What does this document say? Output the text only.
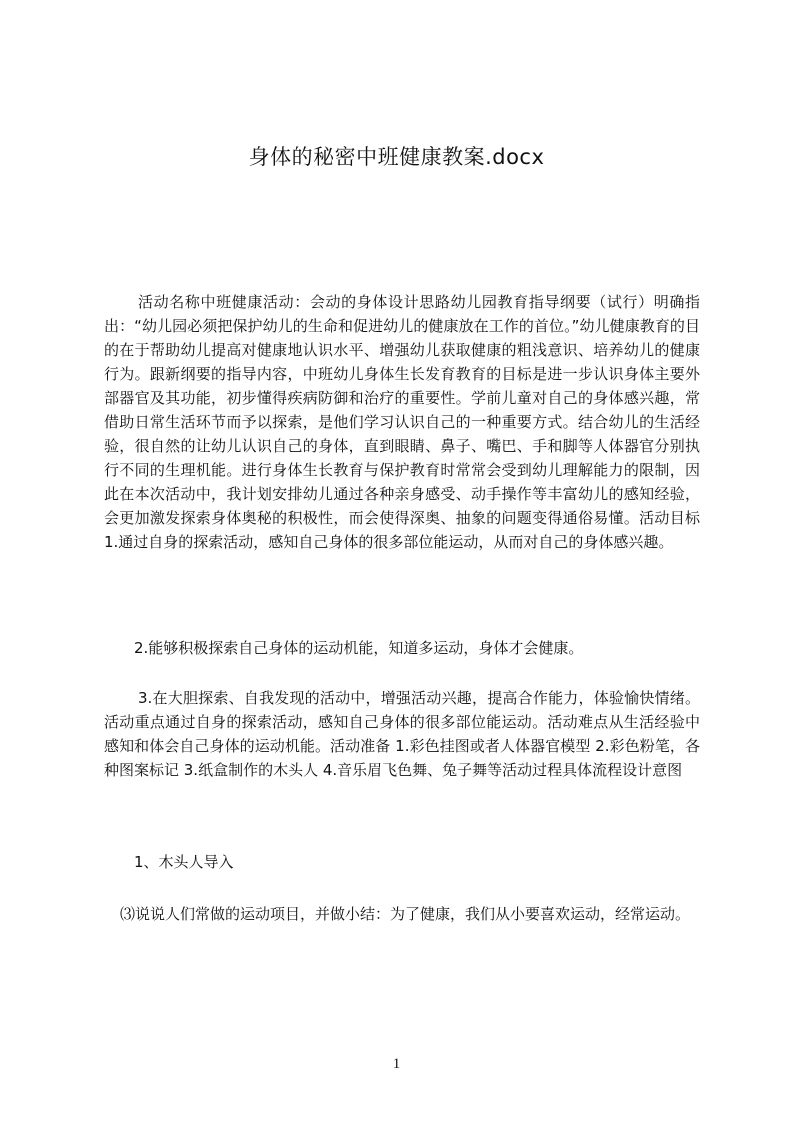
身体的秘密中班健康教案.docx

活动名称中班健康活动：会动的身体设计思路幼儿园教育指导纲要（试行）明确指出：“幼儿园必须把保护幼儿的生命和促进幼儿的健康放在工作的首位。”幼儿健康教育的目的在于帮助幼儿提高对健康地认识水平、增强幼儿获取健康的粗浅意识、培养幼儿的健康行为。跟新纲要的指导内容，中班幼儿身体生长发育教育的目标是进一步认识身体主要外部器官及其功能，初步懂得疾病防御和治疗的重要性。学前儿童对自己的身体感兴趣，常借助日常生活环节而予以探索，是他们学习认识自己的一种重要方式。结合幼儿的生活经验，很自然的让幼儿认识自己的身体，直到眼睛、鼻子、嘴巴、手和脚等人体器官分别执行不同的生理机能。进行身体生长教育与保护教育时常常会受到幼儿理解能力的限制，因此在本次活动中，我计划安排幼儿通过各种亲身感受、动手操作等丰富幼儿的感知经验，会更加激发探索身体奥秘的积极性，而会使得深奥、抽象的问题变得通俗易懂。活动目标 1.通过自身的探索活动，感知自己身体的很多部位能运动，从而对自己的身体感兴趣。

2.能够积极探索自己身体的运动机能，知道多运动，身体才会健康。

3.在大胆探索、自我发现的活动中，增强活动兴趣，提高合作能力，体验愉快情绪。活动重点通过自身的探索活动，感知自己身体的很多部位能运动。活动难点从生活经验中感知和体会自己身体的运动机能。活动准备 1.彩色挂图或者人体器官模型 2.彩色粉笔，各种图案标记 3.纸盒制作的木头人 4.音乐眉飞色舞、兔子舞等活动过程具体流程设计意图

1、木头人导入

⑶说说人们常做的运动项目，并做小结：为了健康，我们从小要喜欢运动，经常运动。

1
